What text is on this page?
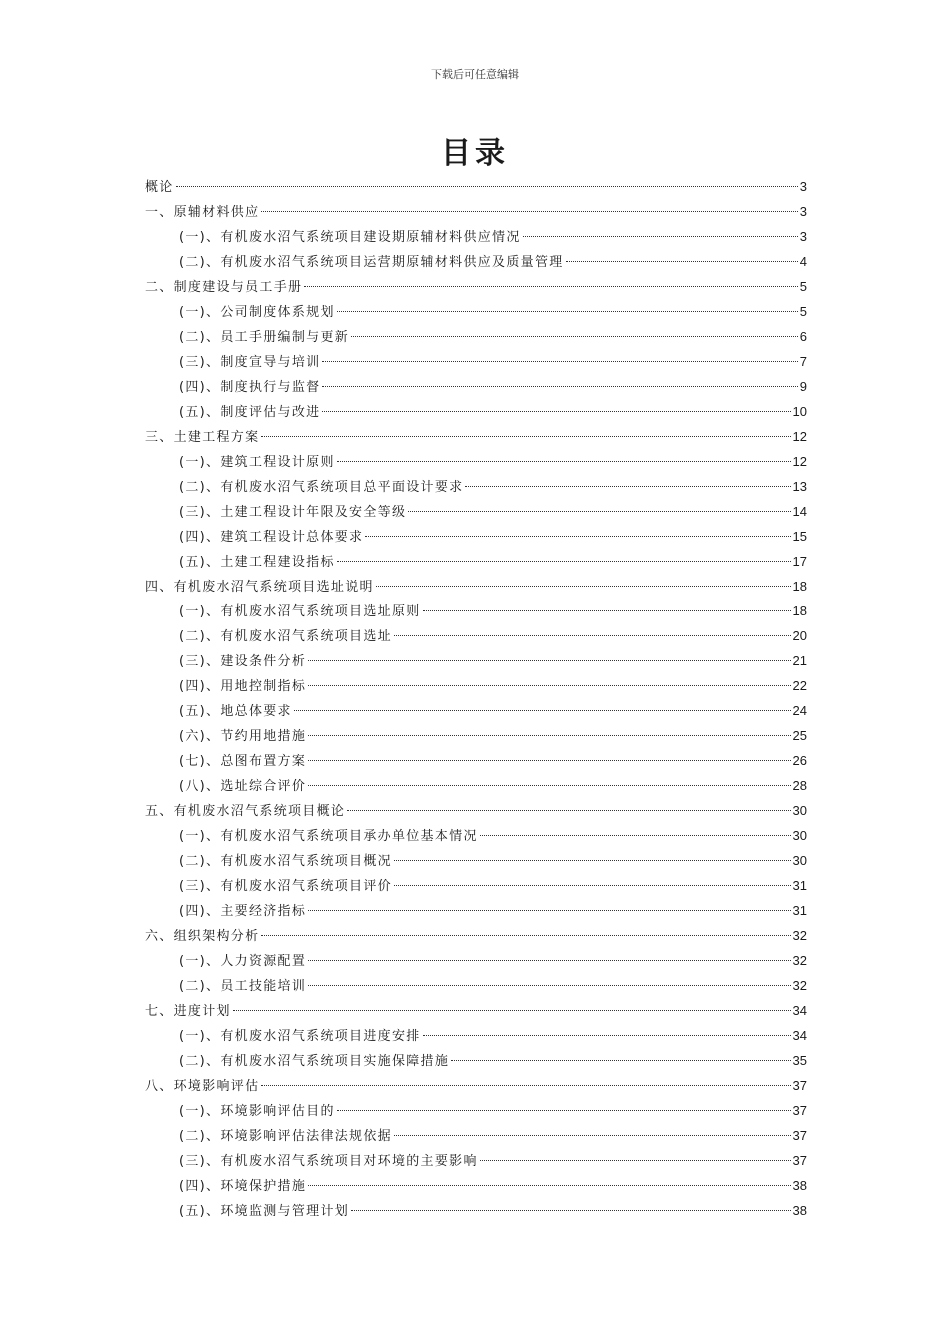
下载后可任意编辑
目录
概论	3
一、原辅材料供应	3
(一)、有机废水沼气系统项目建设期原辅材料供应情况	3
(二)、有机废水沼气系统项目运营期原辅材料供应及质量管理	4
二、制度建设与员工手册	5
(一)、公司制度体系规划	5
(二)、员工手册编制与更新	6
(三)、制度宣导与培训	7
(四)、制度执行与监督	9
(五)、制度评估与改进	10
三、土建工程方案	12
(一)、建筑工程设计原则	12
(二)、有机废水沼气系统项目总平面设计要求	13
(三)、土建工程设计年限及安全等级	14
(四)、建筑工程设计总体要求	15
(五)、土建工程建设指标	17
四、有机废水沼气系统项目选址说明	18
(一)、有机废水沼气系统项目选址原则	18
(二)、有机废水沼气系统项目选址	20
(三)、建设条件分析	21
(四)、用地控制指标	22
(五)、地总体要求	24
(六)、节约用地措施	25
(七)、总图布置方案	26
(八)、选址综合评价	28
五、有机废水沼气系统项目概论	30
(一)、有机废水沼气系统项目承办单位基本情况	30
(二)、有机废水沼气系统项目概况	30
(三)、有机废水沼气系统项目评价	31
(四)、主要经济指标	31
六、组织架构分析	32
(一)、人力资源配置	32
(二)、员工技能培训	32
七、进度计划	34
(一)、有机废水沼气系统项目进度安排	34
(二)、有机废水沼气系统项目实施保障措施	35
八、环境影响评估	37
(一)、环境影响评估目的	37
(二)、环境影响评估法律法规依据	37
(三)、有机废水沼气系统项目对环境的主要影响	37
(四)、环境保护措施	38
(五)、环境监测与管理计划	38
